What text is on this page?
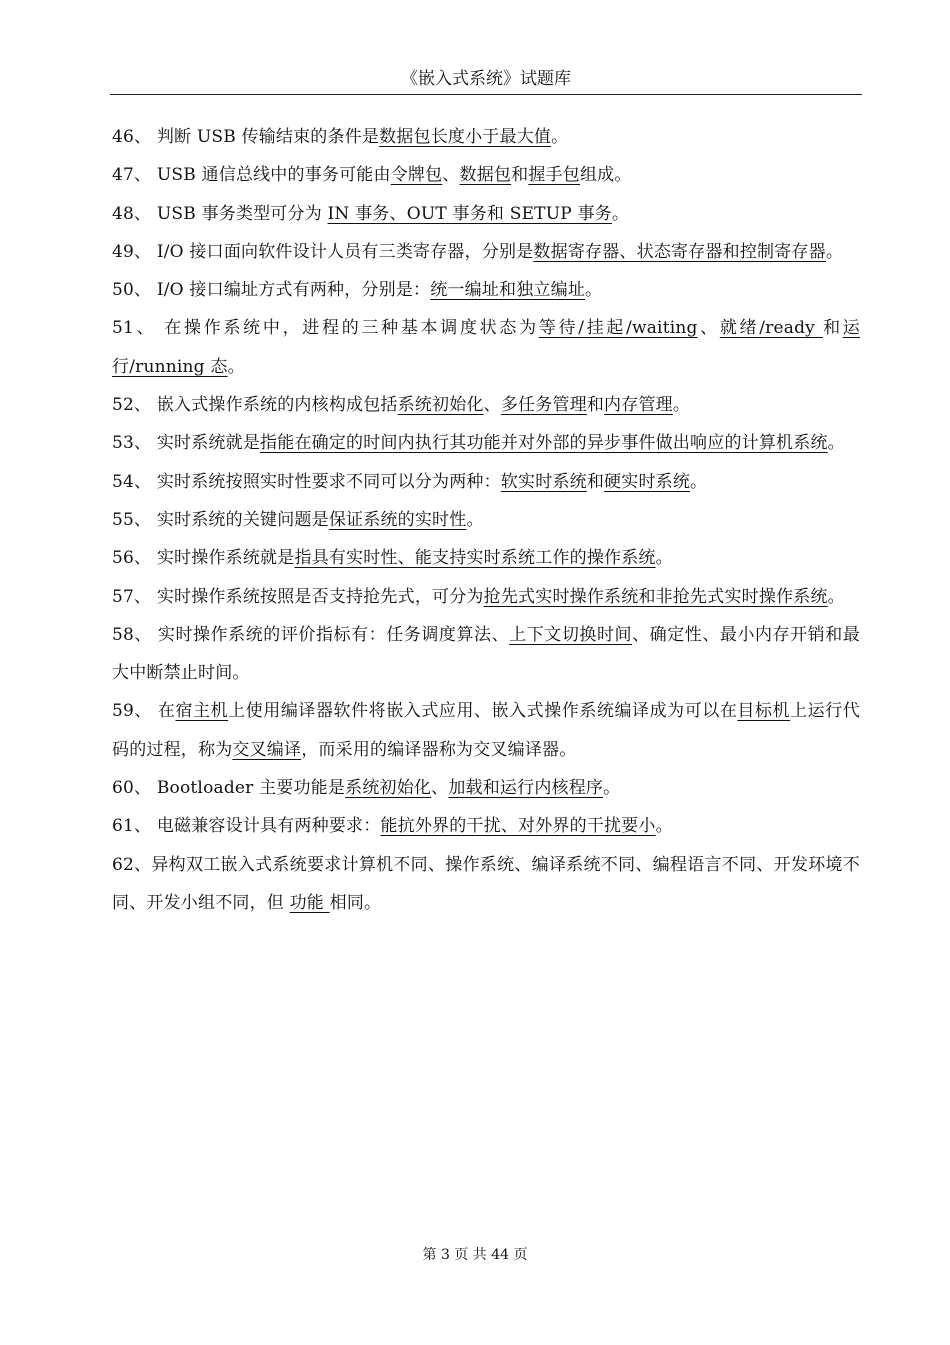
《嵌入式系统》试题库

46、 判断 USB 传输结束的条件是数据包长度小于最大值。

47、 USB 通信总线中的事务可能由令牌包、数据包和握手包组成。

48、 USB 事务类型可分为 IN 事务、OUT 事务和 SETUP 事务。

49、 I/O 接口面向软件设计人员有三类寄存器，分别是数据寄存器、状态寄存器和控制寄存器。

50、 I/O 接口编址方式有两种，分别是：统一编址和独立编址。

51、 在操作系统中，进程的三种基本调度状态为等待/挂起/waiting、就绪/ready 和运行/running 态。

52、 嵌入式操作系统的内核构成包括系统初始化、多任务管理和内存管理。

53、 实时系统就是指能在确定的时间内执行其功能并对外部的异步事件做出响应的计算机系统。

54、 实时系统按照实时性要求不同可以分为两种：软实时系统和硬实时系统。

55、 实时系统的关键问题是保证系统的实时性。

56、 实时操作系统就是指具有实时性、能支持实时系统工作的操作系统。

57、 实时操作系统按照是否支持抢先式，可分为抢先式实时操作系统和非抢先式实时操作系统。

58、 实时操作系统的评价指标有：任务调度算法、上下文切换时间、确定性、最小内存开销和最大中断禁止时间。

59、 在宿主机上使用编译器软件将嵌入式应用、嵌入式操作系统编译成为可以在目标机上运行代码的过程，称为交叉编译，而采用的编译器称为交叉编译器。

60、 Bootloader 主要功能是系统初始化、加载和运行内核程序。

61、 电磁兼容设计具有两种要求：能抗外界的干扰、对外界的干扰要小。

62、异构双工嵌入式系统要求计算机不同、操作系统、编译系统不同、编程语言不同、开发环境不同、开发小组不同，但 功能 相同。

第 3 页 共 44 页
